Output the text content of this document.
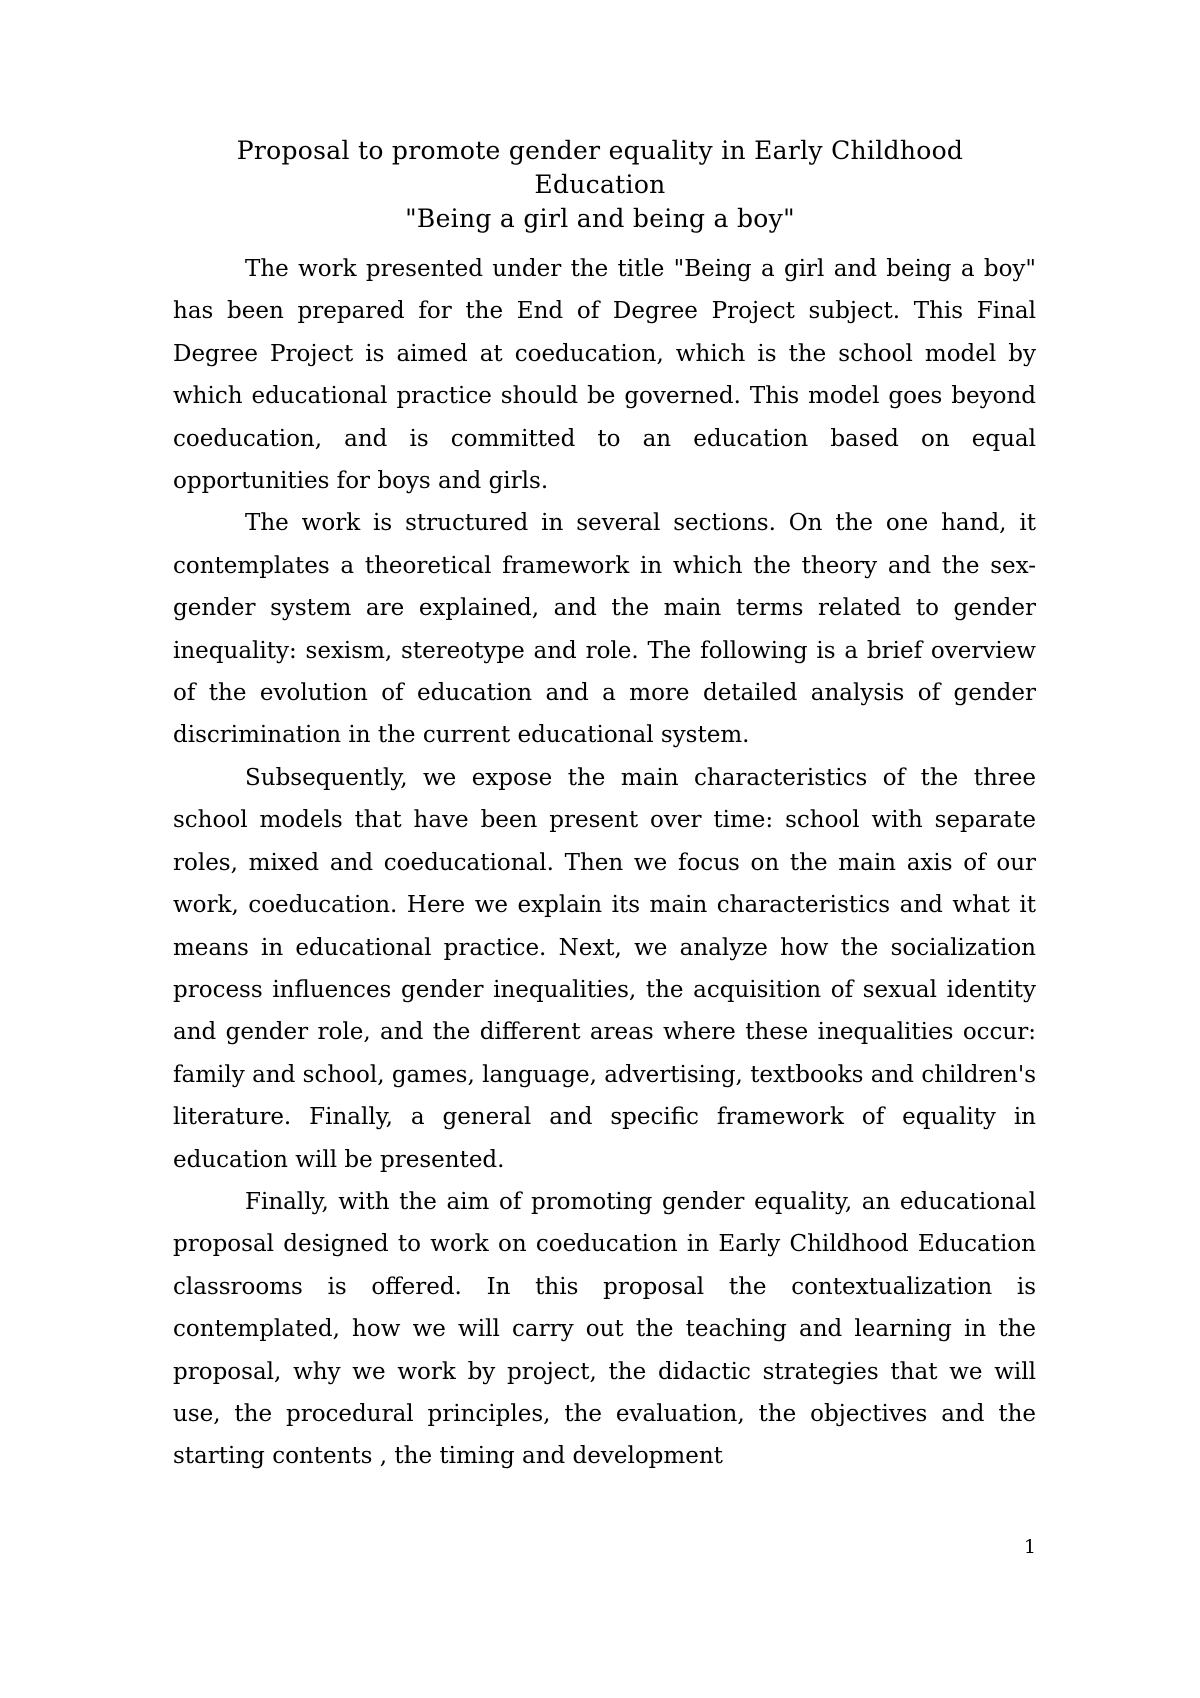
Proposal to promote gender equality in Early Childhood
Education
"Being a girl and being a boy"

The work presented under the title "Being a girl and being a boy" has been prepared for the End of Degree Project subject. This Final Degree Project is aimed at coeducation, which is the school model by which educational practice should be governed. This model goes beyond coeducation, and is committed to an education based on equal opportunities for boys and girls.

The work is structured in several sections. On the one hand, it contemplates a theoretical framework in which the theory and the sex-gender system are explained, and the main terms related to gender inequality: sexism, stereotype and role. The following is a brief overview of the evolution of education and a more detailed analysis of gender discrimination in the current educational system.

Subsequently, we expose the main characteristics of the three school models that have been present over time: school with separate roles, mixed and coeducational. Then we focus on the main axis of our work, coeducation. Here we explain its main characteristics and what it means in educational practice. Next, we analyze how the socialization process influences gender inequalities, the acquisition of sexual identity and gender role, and the different areas where these inequalities occur: family and school, games, language, advertising, textbooks and children's literature. Finally, a general and specific framework of equality in education will be presented.

Finally, with the aim of promoting gender equality, an educational proposal designed to work on coeducation in Early Childhood Education classrooms is offered. In this proposal the contextualization is contemplated, how we will carry out the teaching and learning in the proposal, why we work by project, the didactic strategies that we will use, the procedural principles, the evaluation, the objectives and the starting contents , the timing and development

1
